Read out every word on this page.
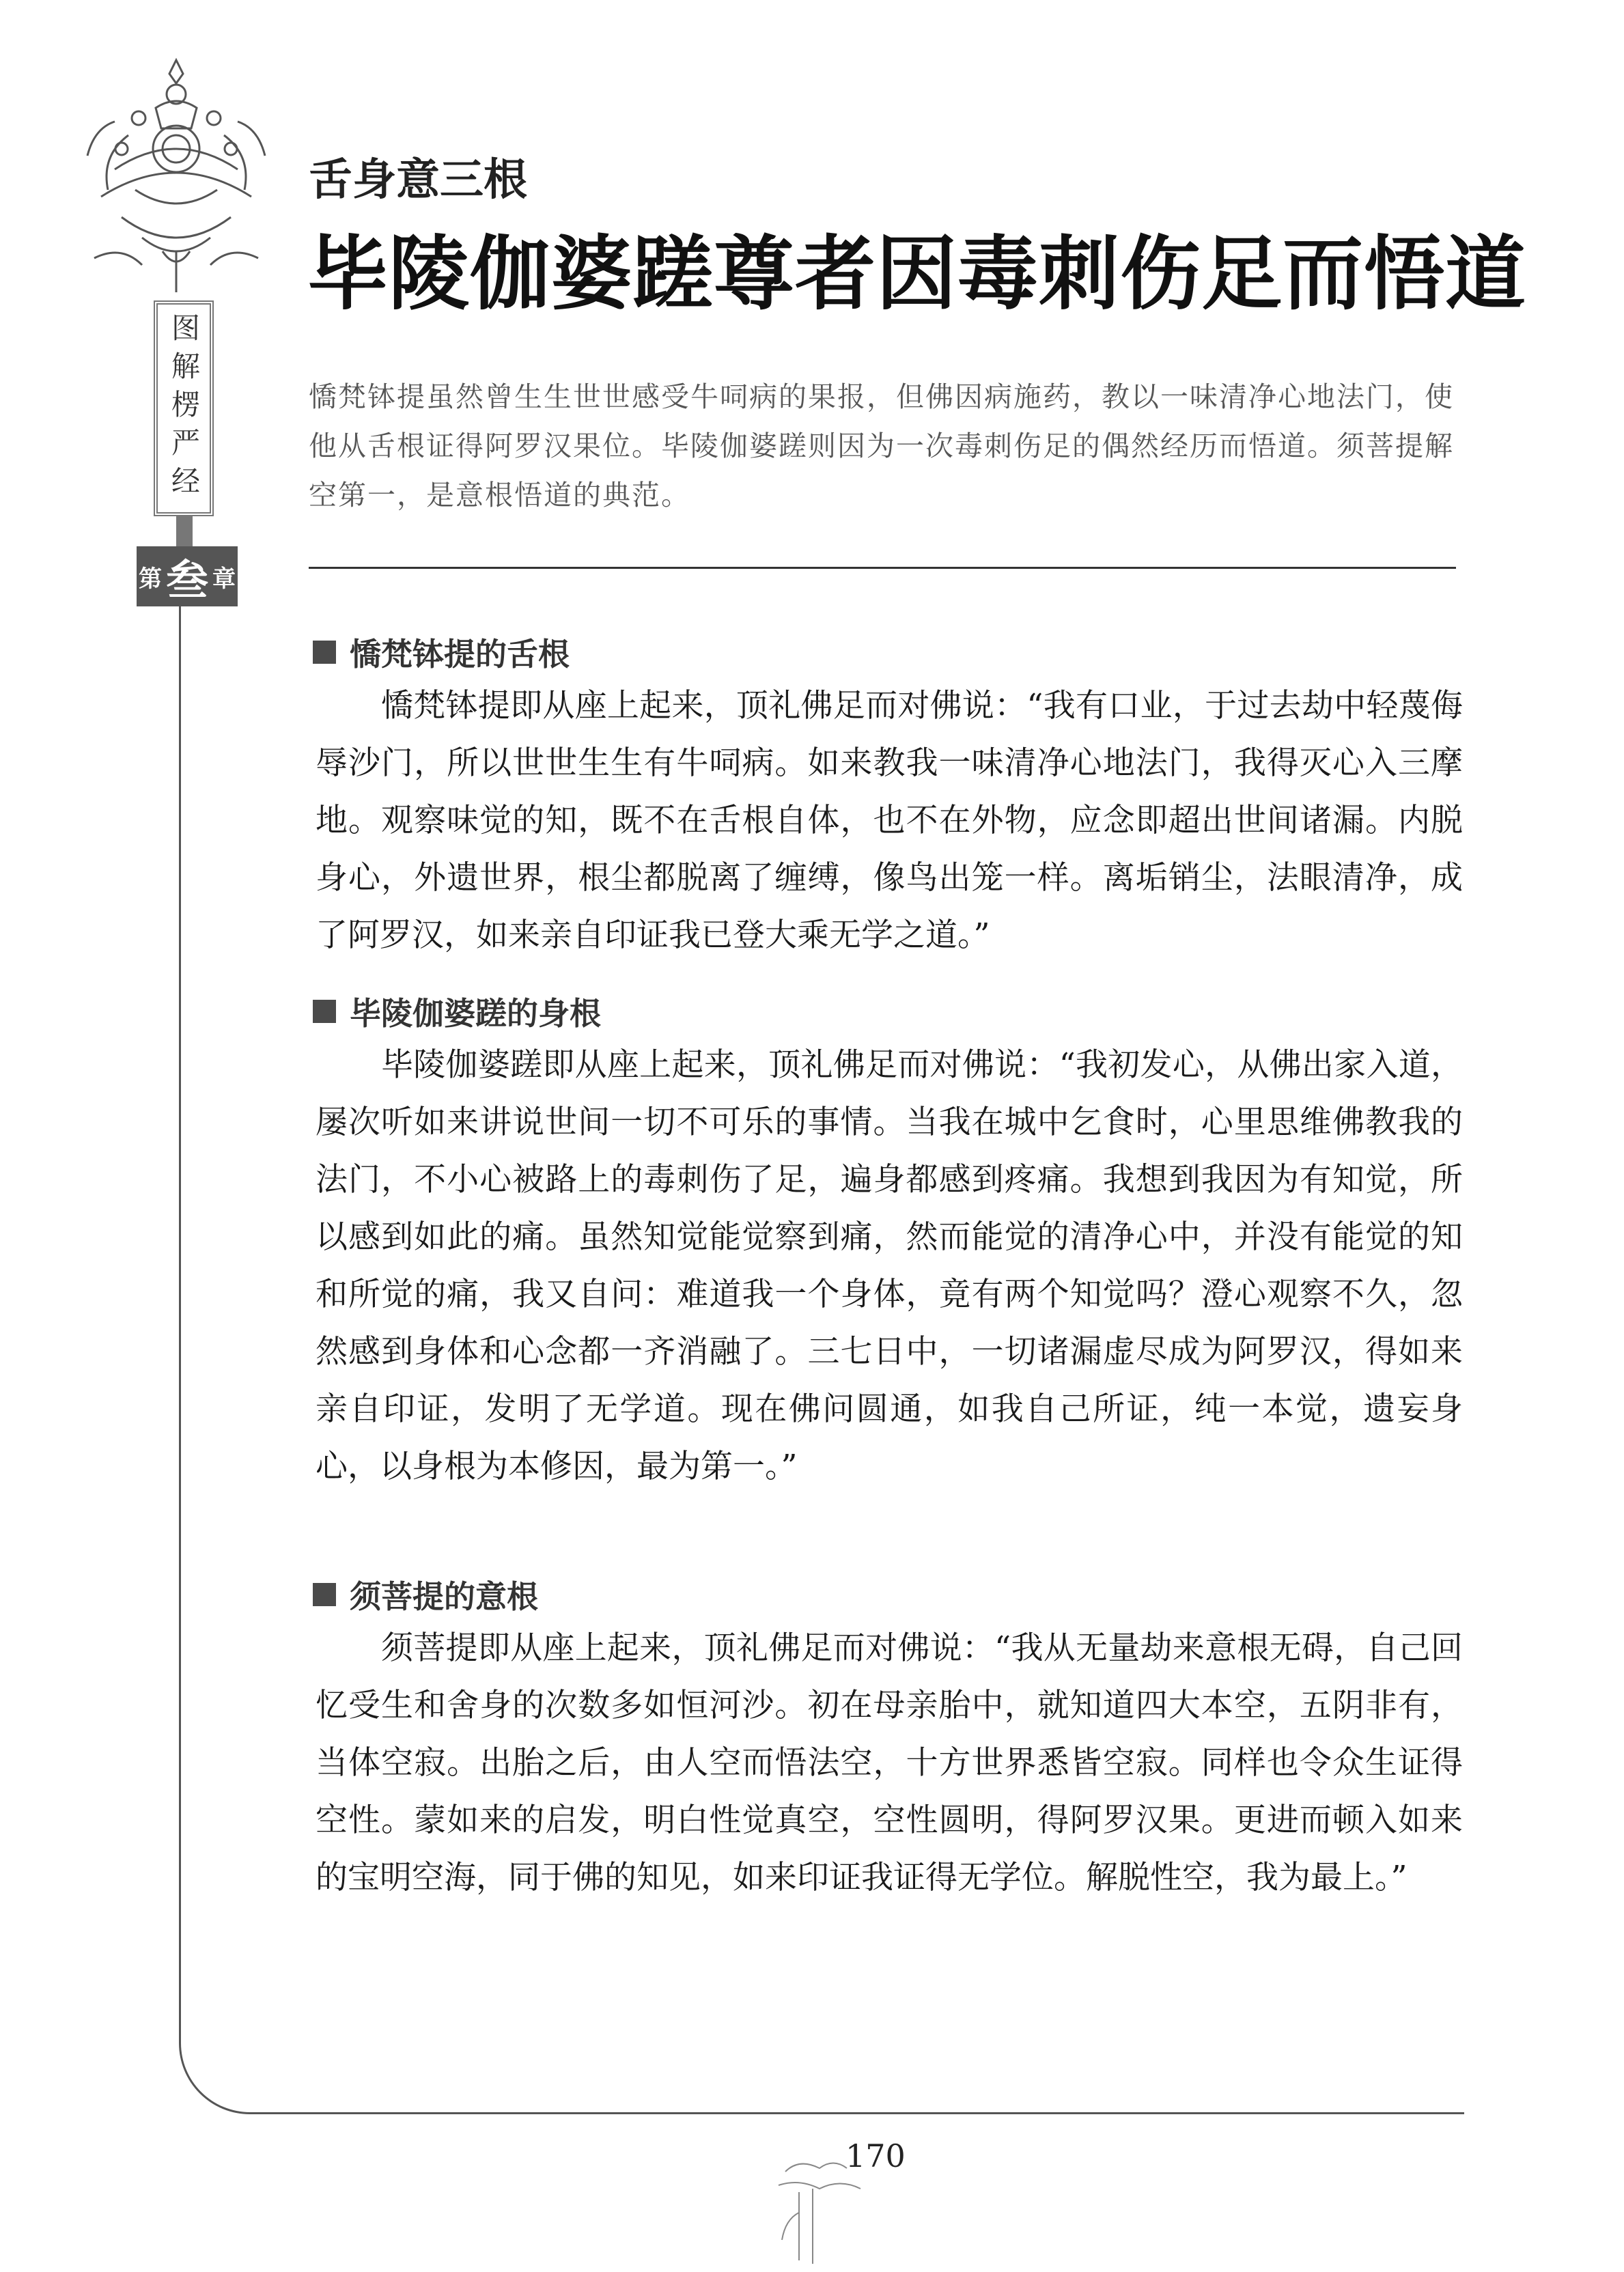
图解楞严经
第 叁 章
舌身意三根
毕陵伽婆蹉尊者因毒刺伤足而悟道

憍梵钵提虽然曾生生世世感受牛呞病的果报，但佛因病施药，教以一味清净心地法门，使他从舌根证得阿罗汉果位。毕陵伽婆蹉则因为一次毒刺伤足的偶然经历而悟道。须菩提解空第一，是意根悟道的典范。

憍梵钵提的舌根

憍梵钵提即从座上起来，顶礼佛足而对佛说：“我有口业，于过去劫中轻蔑侮辱沙门，所以世世生生有牛呞病。如来教我一味清净心地法门，我得灭心入三摩地。观察味觉的知，既不在舌根自体，也不在外物，应念即超出世间诸漏。内脱身心，外遗世界，根尘都脱离了缠缚，像鸟出笼一样。离垢销尘，法眼清净，成了阿罗汉，如来亲自印证我已登大乘无学之道。”

毕陵伽婆蹉的身根

毕陵伽婆蹉即从座上起来，顶礼佛足而对佛说：“我初发心，从佛出家入道，屡次听如来讲说世间一切不可乐的事情。当我在城中乞食时，心里思维佛教我的法门，不小心被路上的毒刺伤了足，遍身都感到疼痛。我想到我因为有知觉，所以感到如此的痛。虽然知觉能觉察到痛，然而能觉的清净心中，并没有能觉的知和所觉的痛，我又自问：难道我一个身体，竟有两个知觉吗？澄心观察不久，忽然感到身体和心念都一齐消融了。三七日中，一切诸漏虚尽成为阿罗汉，得如来亲自印证，发明了无学道。现在佛问圆通，如我自己所证，纯一本觉，遗妄身心，以身根为本修因，最为第一。”

须菩提的意根

须菩提即从座上起来，顶礼佛足而对佛说：“我从无量劫来意根无碍，自己回忆受生和舍身的次数多如恒河沙。初在母亲胎中，就知道四大本空，五阴非有，当体空寂。出胎之后，由人空而悟法空，十方世界悉皆空寂。同样也令众生证得空性。蒙如来的启发，明白性觉真空，空性圆明，得阿罗汉果。更进而顿入如来的宝明空海，同于佛的知见，如来印证我证得无学位。解脱性空，我为最上。”

170
